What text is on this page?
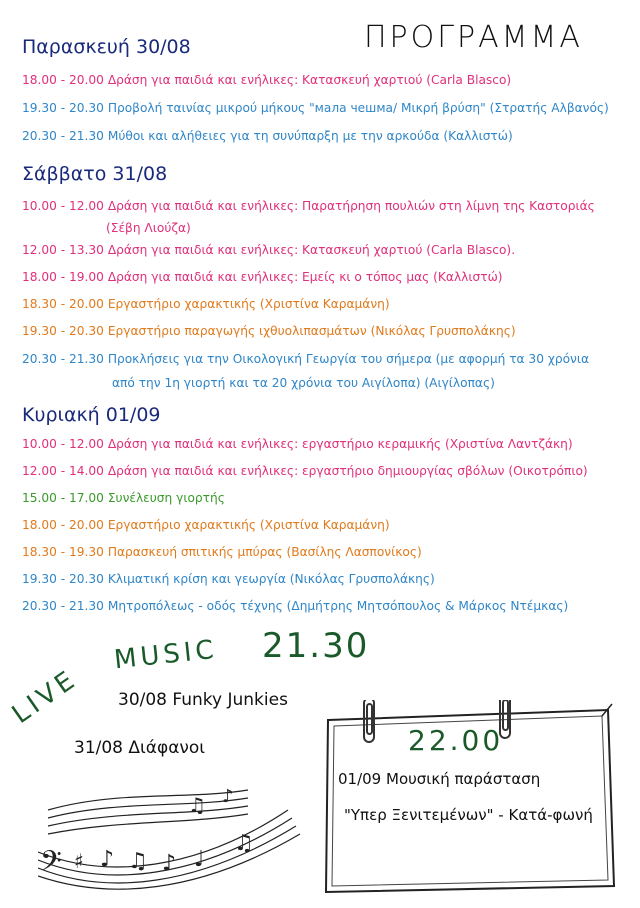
ΠΡΟΓΡΑΜΜΑ
Παρασκευή 30/08
18.00 - 20.00 Δράση για παιδιά και ενήλικες: Κατασκευή χαρτιού (Carla Blasco)
19.30 - 20.30 Προβολή ταινίας μικρού μήκους "мала чешма/ Μικρή βρύση" (Στρατής Αλβανός)
20.30 - 21.30 Μύθοι και αλήθειες για τη συνύπαρξη με την αρκούδα (Καλλιστώ)
Σάββατο 31/08
10.00 - 12.00 Δράση για παιδιά και ενήλικες: Παρατήρηση πουλιών στη λίμνη της Καστοριάς
(Σέβη Λιούζα)
12.00 - 13.30 Δράση για παιδιά και ενήλικες: Κατασκευή χαρτιού (Carla Blasco).
18.00 - 19.00 Δράση για παιδιά και ενήλικες: Εμείς κι ο τόπος μας (Καλλιστώ)
18.30 - 20.00 Εργαστήριο χαρακτικής (Χριστίνα Καραμάνη)
19.30 - 20.30 Εργαστήριο παραγωγής ιχθυολιπασμάτων (Νικόλας Γρυσπολάκης)
20.30 - 21.30 Προκλήσεις για την Οικολογική Γεωργία του σήμερα (με αφορμή τα 30 χρόνια
από την 1η γιορτή και τα 20 χρόνια του Αιγίλοπα) (Αιγίλοπας)
Κυριακή 01/09
10.00 - 12.00 Δράση για παιδιά και ενήλικες: εργαστήριο κεραμικής (Χριστίνα Λαντζάκη)
12.00 - 14.00 Δράση για παιδιά και ενήλικες: εργαστήριο δημιουργίας σβόλων (Οικοτρόπιο)
15.00 - 17.00 Συνέλευση γιορτής
18.00 - 20.00 Εργαστήριο χαρακτικής (Χριστίνα Καραμάνη)
18.30 - 19.30 Παρασκευή σπιτικής μπύρας (Βασίλης Λασπονίκος)
19.30 - 20.30 Κλιματική κρίση και γεωργία (Νικόλας Γρυσπολάκης)
20.30 - 21.30 Μητροπόλεως - οδός τέχνης (Δημήτρης Μητσόπουλος & Μάρκος Ντέμκας)
LIVE
MUSIC 21.30
30/08 Funky Junkies
31/08 Διάφανοι
𝄢 ♯ ♪ ♫ ♪ ♩
♫
♫ ♪
22.00
01/09 Μουσική παράσταση
"Υπερ Ξενιτεμένων" - Κατά-φωνή
